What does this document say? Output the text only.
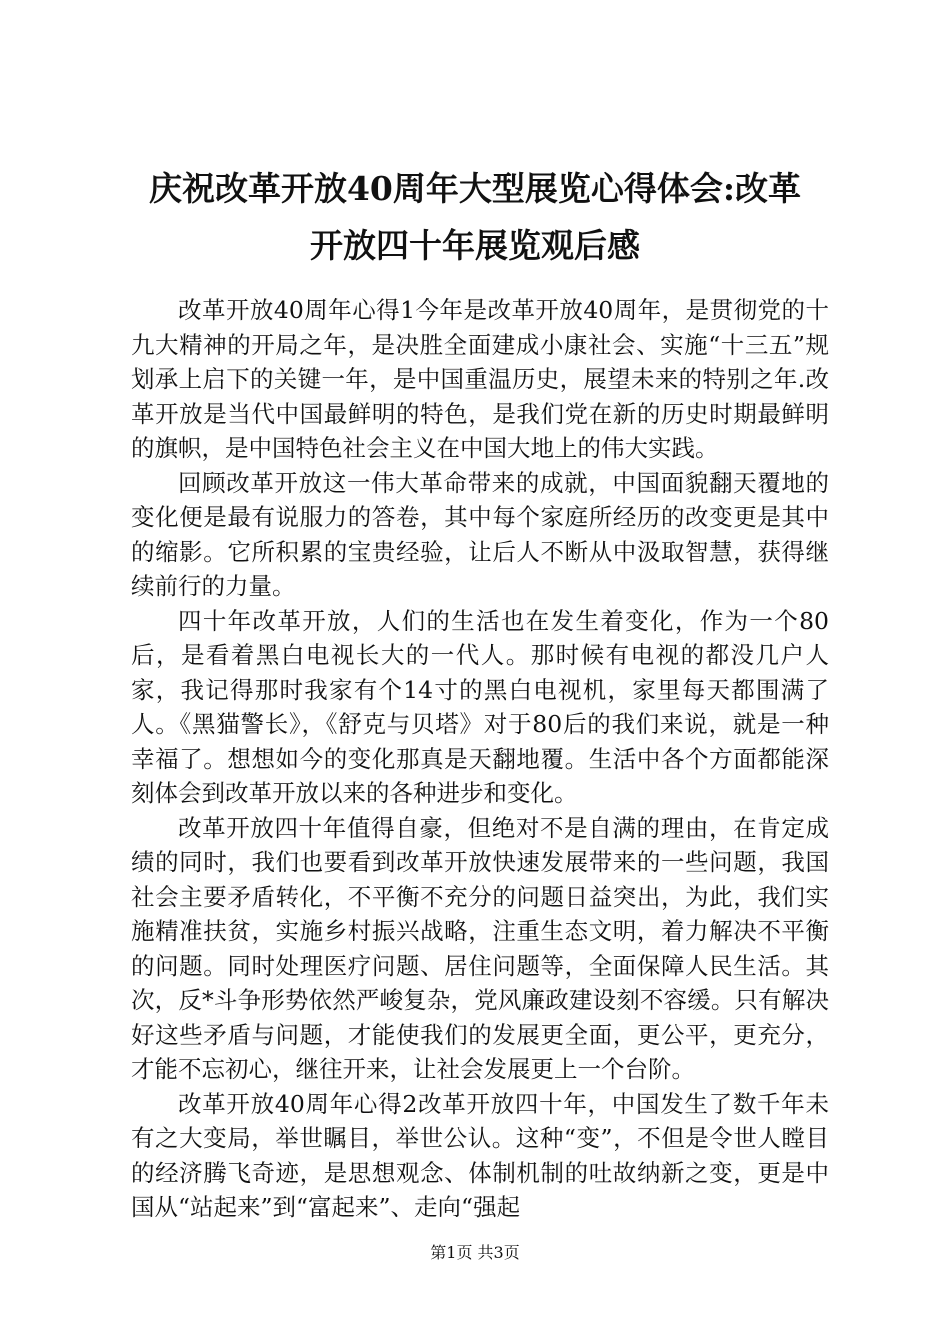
庆祝改革开放40周年大型展览心得体会:改革
开放四十年展览观后感

改革开放40周年心得1今年是改革开放40周年，是贯彻党的十九大精神的开局之年，是决胜全面建成小康社会、实施“十三五”规划承上启下的关键一年，是中国重温历史，展望未来的特别之年.改革开放是当代中国最鲜明的特色，是我们党在新的历史时期最鲜明的旗帜，是中国特色社会主义在中国大地上的伟大实践。

回顾改革开放这一伟大革命带来的成就，中国面貌翻天覆地的变化便是最有说服力的答卷，其中每个家庭所经历的改变更是其中的缩影。它所积累的宝贵经验，让后人不断从中汲取智慧，获得继续前行的力量。

四十年改革开放，人们的生活也在发生着变化，作为一个80后，是看着黑白电视长大的一代人。那时候有电视的都没几户人家，我记得那时我家有个14寸的黑白电视机，家里每天都围满了人。《黑猫警长》，《舒克与贝塔》对于80后的我们来说，就是一种幸福了。想想如今的变化那真是天翻地覆。生活中各个方面都能深刻体会到改革开放以来的各种进步和变化。

改革开放四十年值得自豪，但绝对不是自满的理由，在肯定成绩的同时，我们也要看到改革开放快速发展带来的一些问题，我国社会主要矛盾转化，不平衡不充分的问题日益突出，为此，我们实施精准扶贫，实施乡村振兴战略，注重生态文明，着力解决不平衡的问题。同时处理医疗问题、居住问题等，全面保障人民生活。其次，反*斗争形势依然严峻复杂，党风廉政建设刻不容缓。只有解决好这些矛盾与问题，才能使我们的发展更全面，更公平，更充分，才能不忘初心，继往开来，让社会发展更上一个台阶。

改革开放40周年心得2改革开放四十年，中国发生了数千年未有之大变局，举世瞩目，举世公认。这种“变”，不但是令世人瞠目的经济腾飞奇迹，是思想观念、体制机制的吐故纳新之变，更是中国从“站起来”到“富起来”、走向“强起

第1页 共3页
